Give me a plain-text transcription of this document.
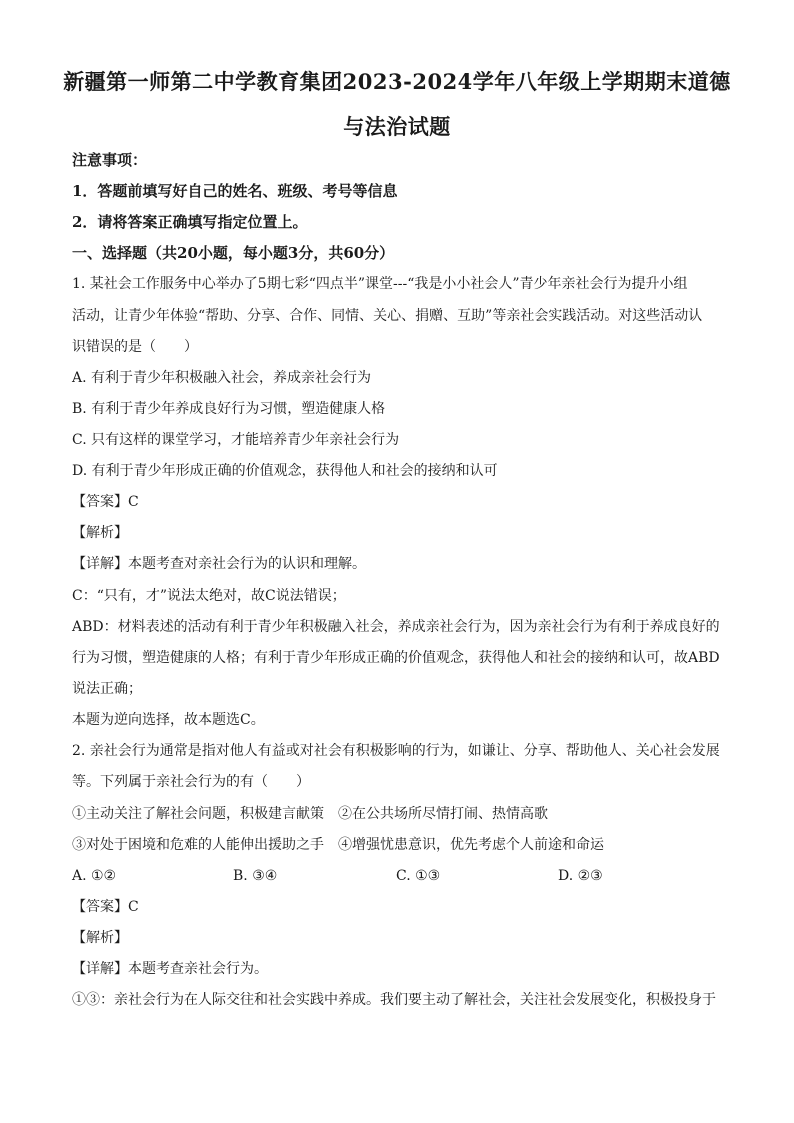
新疆第一师第二中学教育集团2023-2024学年八年级上学期期末道德
与法治试题
注意事项：
1．答题前填写好自己的姓名、班级、考号等信息
2．请将答案正确填写指定位置上。
一、选择题（共20小题，每小题3分，共60分）
1. 某社会工作服务中心举办了5期七彩“四点半”课堂---“我是小小社会人”青少年亲社会行为提升小组
活动，让青少年体验“帮助、分享、合作、同情、关心、捐赠、互助”等亲社会实践活动。对这些活动认
识错误的是（　　）
A. 有利于青少年积极融入社会，养成亲社会行为
B. 有利于青少年养成良好行为习惯，塑造健康人格
C. 只有这样的课堂学习，才能培养青少年亲社会行为
D. 有利于青少年形成正确的价值观念，获得他人和社会的接纳和认可
【答案】C
【解析】
【详解】本题考查对亲社会行为的认识和理解。
C：“只有，才”说法太绝对，故C说法错误；
ABD：材料表述的活动有利于青少年积极融入社会，养成亲社会行为，因为亲社会行为有利于养成良好的
行为习惯，塑造健康的人格；有利于青少年形成正确的价值观念，获得他人和社会的接纳和认可，故ABD
说法正确；
本题为逆向选择，故本题选C。
2. 亲社会行为通常是指对他人有益或对社会有积极影响的行为，如谦让、分享、帮助他人、关心社会发展
等。下列属于亲社会行为的有（　　）
①主动关注了解社会问题，积极建言献策　②在公共场所尽情打闹、热情高歌
③对处于困境和危难的人能伸出援助之手　④增强忧患意识，优先考虑个人前途和命运
A. ①②	B. ③④	C. ①③	D. ②③
【答案】C
【解析】
【详解】本题考查亲社会行为。
①③：亲社会行为在人际交往和社会实践中养成。我们要主动了解社会，关注社会发展变化，积极投身于
